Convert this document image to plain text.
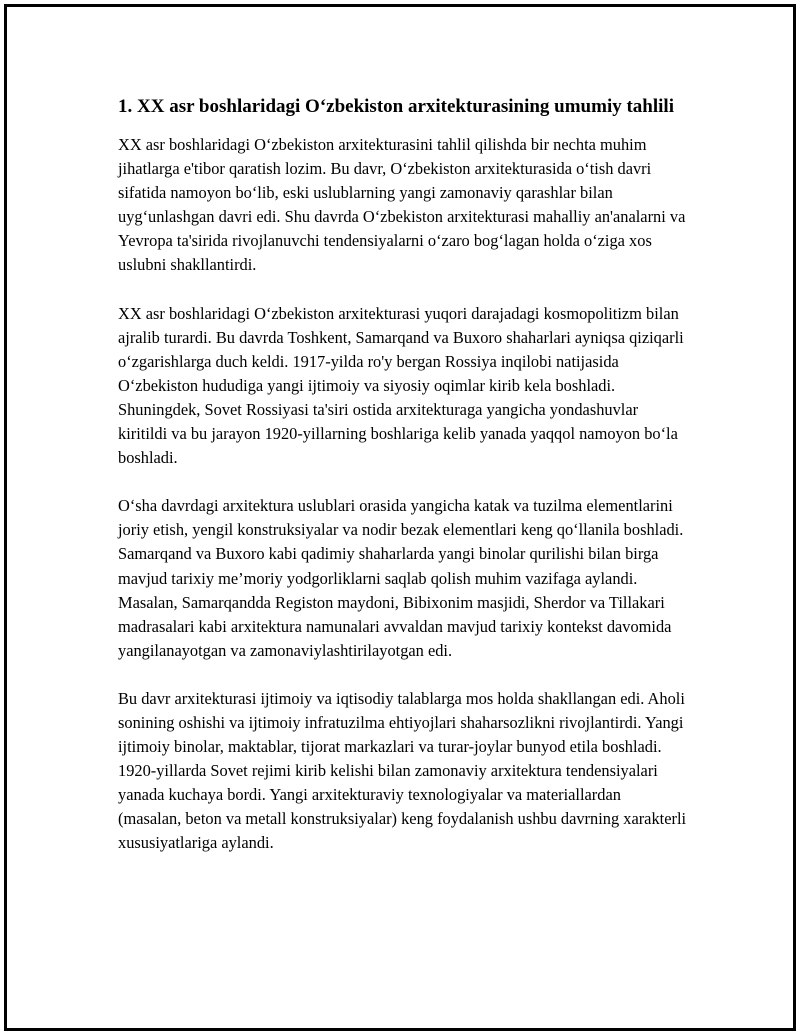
1. XX asr boshlaridagi O‘zbekiston arxitekturasining umumiy tahlili

XX asr boshlaridagi O‘zbekiston arxitekturasini tahlil qilishda bir nechta muhim jihatlarga e'tibor qaratish lozim. Bu davr, O‘zbekiston arxitekturasida o‘tish davri sifatida namoyon bo‘lib, eski uslublarning yangi zamonaviy qarashlar bilan uyg‘unlashgan davri edi. Shu davrda O‘zbekiston arxitekturasi mahalliy an'analarni va Yevropa ta'sirida rivojlanuvchi tendensiyalarni o‘zaro bog‘lagan holda o‘ziga xos uslubni shakllantirdi.

XX asr boshlaridagi O‘zbekiston arxitekturasi yuqori darajadagi kosmopolitizm bilan ajralib turardi. Bu davrda Toshkent, Samarqand va Buxoro shaharlari ayniqsa qiziqarli o‘zgarishlarga duch keldi. 1917-yilda ro'y bergan Rossiya inqilobi natijasida O‘zbekiston hududiga yangi ijtimoiy va siyosiy oqimlar kirib kela boshladi. Shuningdek, Sovet Rossiyasi ta'siri ostida arxitekturaga yangicha yondashuvlar kiritildi va bu jarayon 1920-yillarning boshlariga kelib yanada yaqqol namoyon bo‘la boshladi.

O‘sha davrdagi arxitektura uslublari orasida yangicha katak va tuzilma elementlarini joriy etish, yengil konstruksiyalar va nodir bezak elementlari keng qo‘llanila boshladi. Samarqand va Buxoro kabi qadimiy shaharlarda yangi binolar qurilishi bilan birga mavjud tarixiy me’moriy yodgorliklarni saqlab qolish muhim vazifaga aylandi. Masalan, Samarqandda Registon maydoni, Bibixonim masjidi, Sherdor va Tillakari madrasalari kabi arxitektura namunalari avvaldan mavjud tarixiy kontekst davomida yangilanayotgan va zamonaviylashtirilayotgan edi.

Bu davr arxitekturasi ijtimoiy va iqtisodiy talablarga mos holda shakllangan edi. Aholi sonining oshishi va ijtimoiy infratuzilma ehtiyojlari shaharsozlikni rivojlantirdi. Yangi ijtimoiy binolar, maktablar, tijorat markazlari va turar-joylar bunyod etila boshladi. 1920-yillarda Sovet rejimi kirib kelishi bilan zamonaviy arxitektura tendensiyalari yanada kuchaya bordi. Yangi arxitekturaviy texnologiyalar va materiallardan (masalan, beton va metall konstruksiyalar) keng foydalanish ushbu davrning xarakterli xususiyatlariga aylandi.
